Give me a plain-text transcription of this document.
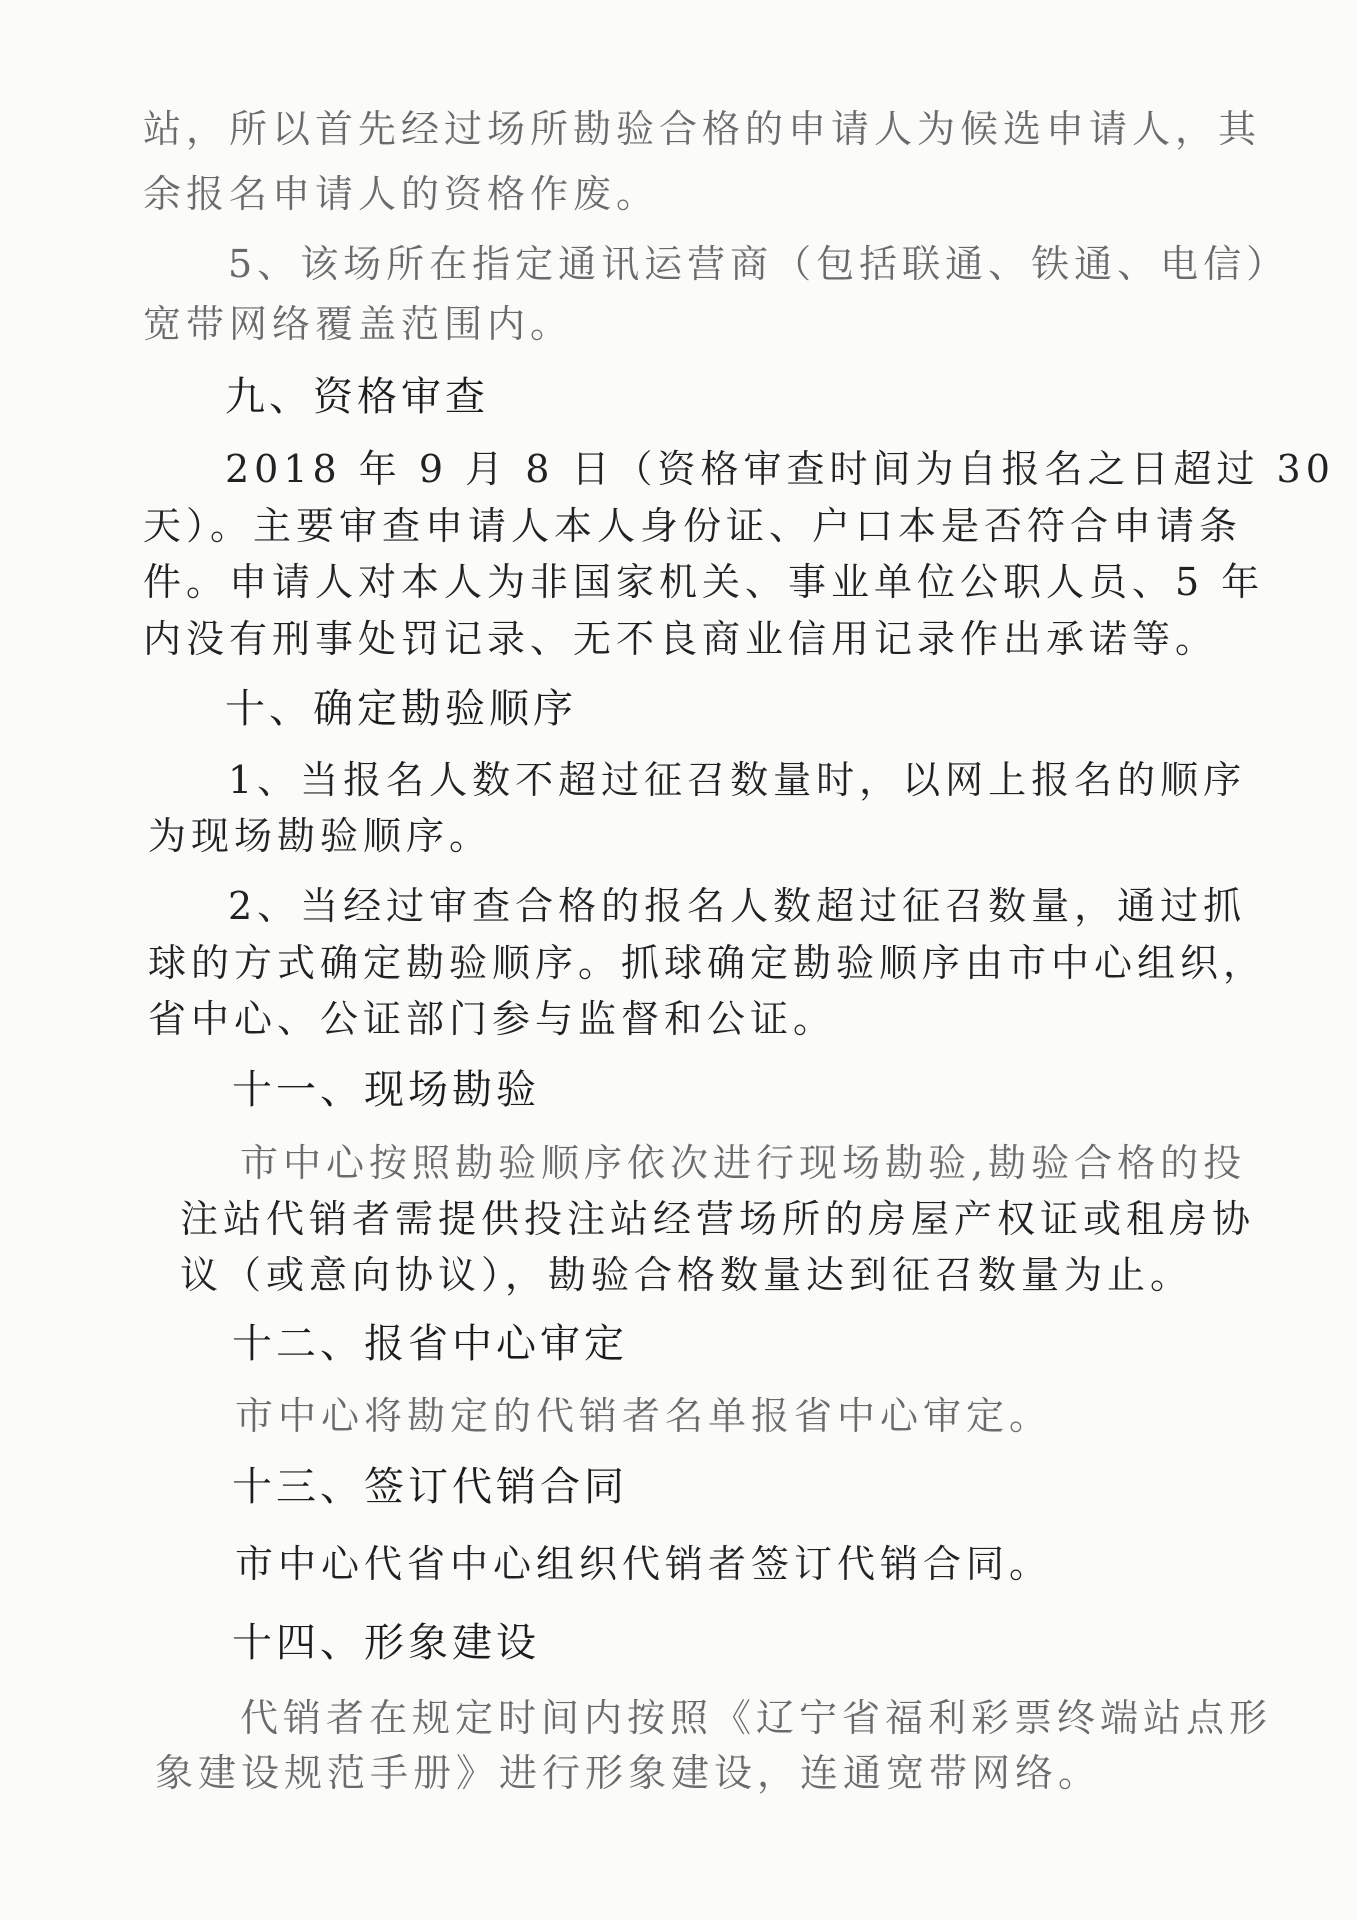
站，所以首先经过场所勘验合格的申请人为候选申请人，其
余报名申请人的资格作废。
5、该场所在指定通讯运营商（包括联通、铁通、电信）
宽带网络覆盖范围内。
九、资格审查
2018 年 9 月 8 日（资格审查时间为自报名之日超过 30
天）。主要审查申请人本人身份证、户口本是否符合申请条
件。申请人对本人为非国家机关、事业单位公职人员、5 年
内没有刑事处罚记录、无不良商业信用记录作出承诺等。
十、确定勘验顺序
1、当报名人数不超过征召数量时，以网上报名的顺序
为现场勘验顺序。
2、当经过审查合格的报名人数超过征召数量，通过抓
球的方式确定勘验顺序。抓球确定勘验顺序由市中心组织，
省中心、公证部门参与监督和公证。
十一、现场勘验
市中心按照勘验顺序依次进行现场勘验,勘验合格的投
注站代销者需提供投注站经营场所的房屋产权证或租房协
议（或意向协议），勘验合格数量达到征召数量为止。
十二、报省中心审定
市中心将勘定的代销者名单报省中心审定。
十三、签订代销合同
市中心代省中心组织代销者签订代销合同。
十四、形象建设
代销者在规定时间内按照《辽宁省福利彩票终端站点形
象建设规范手册》进行形象建设，连通宽带网络。
